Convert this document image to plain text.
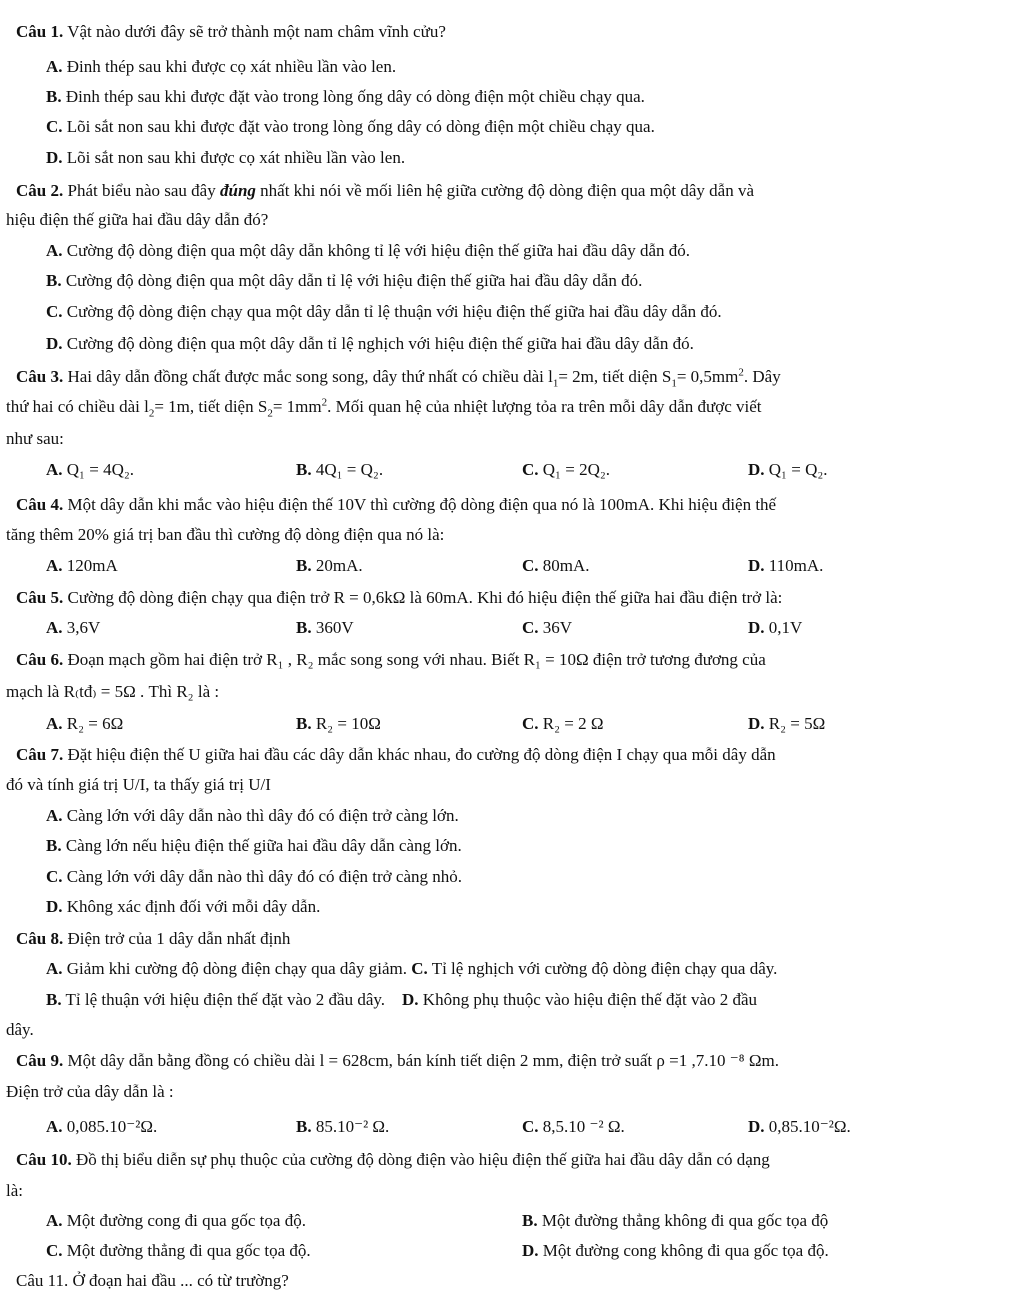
Câu 1. Vật nào dưới đây sẽ trở thành một nam châm vĩnh cửu?
A. Đinh thép sau khi được cọ xát nhiều lần vào len.
B. Đinh thép sau khi được đặt vào trong lòng ống dây có dòng điện một chiều chạy qua.
C. Lõi sắt non sau khi được đặt vào trong lòng ống dây có dòng điện một chiều chạy qua.
D. Lõi sắt non sau khi được cọ xát nhiều lần vào len.
Câu 2. Phát biểu nào sau đây đúng nhất khi nói về mối liên hệ giữa cường độ dòng điện qua một dây dẫn và
hiệu điện thế giữa hai đầu dây dẫn đó?
A. Cường độ dòng điện qua một dây dẫn không tỉ lệ với hiệu điện thế giữa hai đầu dây dẫn đó.
B. Cường độ dòng điện qua một dây dẫn tỉ lệ với hiệu điện thế giữa hai đầu dây dẫn đó.
C. Cường độ dòng điện chạy qua một dây dẫn tỉ lệ thuận với hiệu điện thế giữa hai đầu dây dẫn đó.
D. Cường độ dòng điện qua một dây dẫn tỉ lệ nghịch với hiệu điện thế giữa hai đầu dây dẫn đó.
Câu 3. Hai dây dẫn đồng chất được mắc song song, dây thứ nhất có chiều dài $l_1= 2m$, tiết diện $S_1= 0,5mm^2$. Dây
thứ hai có chiều dài $l_2= 1m$, tiết diện $S_2= 1mm^2$. Mối quan hệ của nhiệt lượng tỏa ra trên mỗi dây dẫn được viết
như sau:
A. Q₁ = 4Q₂.	B. 4Q₁ = Q₂.	C. Q₁ = 2Q₂.	D. Q₁ = Q₂.
Câu 4. Một dây dẫn khi mắc vào hiệu điện thế 10V thì cường độ dòng điện qua nó là 100mA. Khi hiệu điện thế
tăng thêm 20% giá trị ban đầu thì cường độ dòng điện qua nó là:
A. 120mA	B. 20mA.	C. 80mA.	D. 110mA.
Câu 5. Cường độ dòng điện chạy qua điện trở R = 0,6kΩ là 60mA. Khi đó hiệu điện thế giữa hai đầu điện trở là:
A. 3,6V	B. 360V	C. 36V	D. 0,1V
Câu 6. Đoạn mạch gồm hai điện trở R₁ , R₂ mắc song song với nhau. Biết R₁ = 10Ω điện trở tương đương của
mạch là R₍tđ₎ = 5Ω . Thì R₂ là :
A. R₂ = 6Ω	B. R₂ = 10Ω	C. R₂ = 2 Ω	D. R₂ = 5Ω
Câu 7. Đặt hiệu điện thế U giữa hai đầu các dây dẫn khác nhau, đo cường độ dòng điện I chạy qua mỗi dây dẫn
đó và tính giá trị U/I, ta thấy giá trị U/I
A. Càng lớn với dây dẫn nào thì dây đó có điện trở càng lớn.
B. Càng lớn nếu hiệu điện thế giữa hai đầu dây dẫn càng lớn.
C. Càng lớn với dây dẫn nào thì dây đó có điện trở càng nhỏ.
D. Không xác định đối với mỗi dây dẫn.
Câu 8. Điện trở của 1 dây dẫn nhất định
A. Giảm khi cường độ dòng điện chạy qua dây giảm. C. Tỉ lệ nghịch với cường độ dòng điện chạy qua dây.
B. Tỉ lệ thuận với hiệu điện thế đặt vào 2 đầu dây. D. Không phụ thuộc vào hiệu điện thế đặt vào 2 đầu
dây.
Câu 9. Một dây dẫn bằng đồng có chiều dài l = 628cm, bán kính tiết diện 2 mm, điện trở suất ρ =1 ,7.10 ⁻⁸ Ωm.
Điện trở của dây dẫn là :
A. 0,085.10⁻²Ω.	B. 85.10⁻² Ω.	C. 8,5.10 ⁻² Ω.	D. 0,85.10⁻²Ω.
Câu 10. Đồ thị biểu diễn sự phụ thuộc của cường độ dòng điện vào hiệu điện thế giữa hai đầu dây dẫn có dạng
là:
A. Một đường cong đi qua gốc tọa độ.	B. Một đường thẳng không đi qua gốc tọa độ
C. Một đường thẳng đi qua gốc tọa độ.	D. Một đường cong không đi qua gốc tọa độ.
Câu 11. Ở đoạn hai đầu ... có từ trường?
